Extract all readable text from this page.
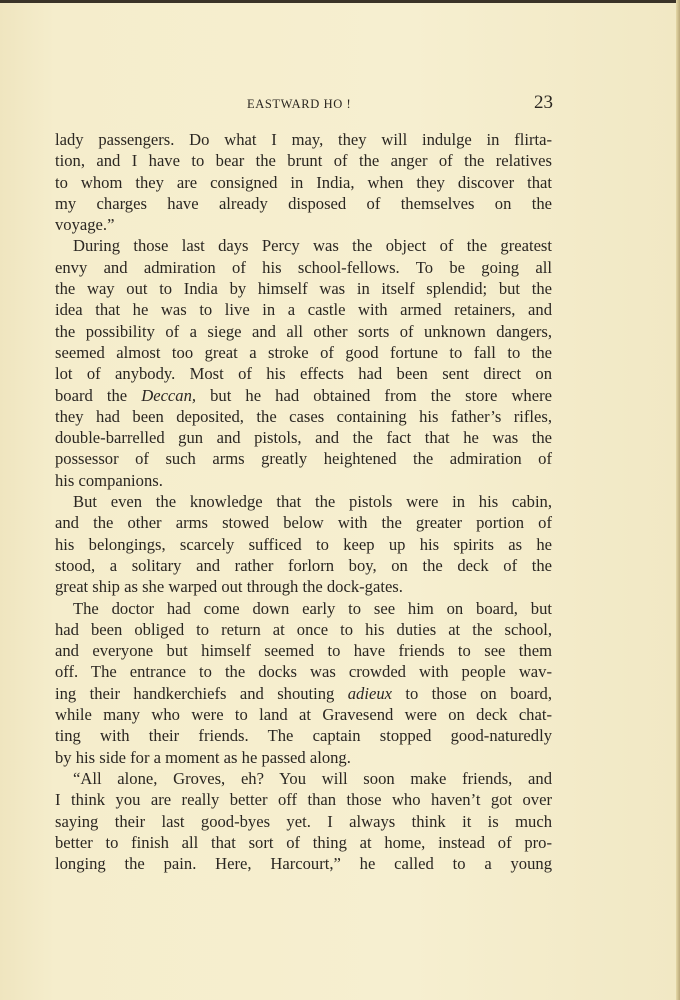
EASTWARD HO !	23
lady passengers. Do what I may, they will indulge in flirta-
tion, and I have to bear the brunt of the anger of the relatives
to whom they are consigned in India, when they discover that
my charges have already disposed of themselves on the
voyage.”
During those last days Percy was the object of the greatest
envy and admiration of his school-fellows. To be going all
the way out to India by himself was in itself splendid; but the
idea that he was to live in a castle with armed retainers, and
the possibility of a siege and all other sorts of unknown dangers,
seemed almost too great a stroke of good fortune to fall to the
lot of anybody. Most of his effects had been sent direct on
board the Deccan, but he had obtained from the store where
they had been deposited, the cases containing his father’s rifles,
double-barrelled gun and pistols, and the fact that he was the
possessor of such arms greatly heightened the admiration of
his companions.
But even the knowledge that the pistols were in his cabin,
and the other arms stowed below with the greater portion of
his belongings, scarcely sufficed to keep up his spirits as he
stood, a solitary and rather forlorn boy, on the deck of the
great ship as she warped out through the dock-gates.
The doctor had come down early to see him on board, but
had been obliged to return at once to his duties at the school,
and everyone but himself seemed to have friends to see them
off. The entrance to the docks was crowded with people wav-
ing their handkerchiefs and shouting adieux to those on board,
while many who were to land at Gravesend were on deck chat-
ting with their friends. The captain stopped good-naturedly
by his side for a moment as he passed along.
“All alone, Groves, eh? You will soon make friends, and
I think you are really better off than those who haven’t got over
saying their last good-byes yet. I always think it is much
better to finish all that sort of thing at home, instead of pro-
longing the pain. Here, Harcourt,” he called to a young
